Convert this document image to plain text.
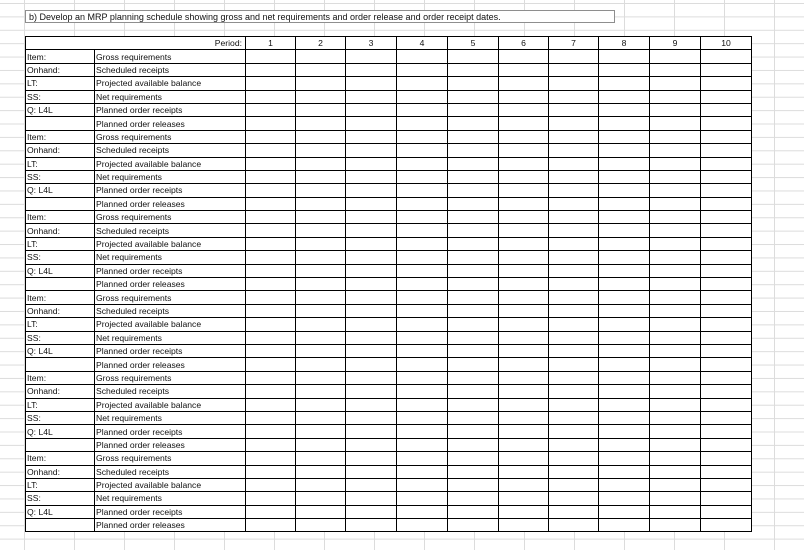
b) Develop an MRP planning schedule showing gross and net requirements and order release and order receipt dates.
	Period:	1	2	3	4	5	6	7	8	9	10
Item:	Gross requirements										
Onhand:	Scheduled receipts										
LT:	Projected available balance										
SS:	Net requirements										
Q: L4L	Planned order receipts										
	Planned order releases										
Item:	Gross requirements										
Onhand:	Scheduled receipts										
LT:	Projected available balance										
SS:	Net requirements										
Q: L4L	Planned order receipts										
	Planned order releases										
Item:	Gross requirements										
Onhand:	Scheduled receipts										
LT:	Projected available balance										
SS:	Net requirements										
Q: L4L	Planned order receipts										
	Planned order releases										
Item:	Gross requirements										
Onhand:	Scheduled receipts										
LT:	Projected available balance										
SS:	Net requirements										
Q: L4L	Planned order receipts										
	Planned order releases										
Item:	Gross requirements										
Onhand:	Scheduled receipts										
LT:	Projected available balance										
SS:	Net requirements										
Q: L4L	Planned order receipts										
	Planned order releases										
Item:	Gross requirements										
Onhand:	Scheduled receipts										
LT:	Projected available balance										
SS:	Net requirements										
Q: L4L	Planned order receipts										
	Planned order releases										
